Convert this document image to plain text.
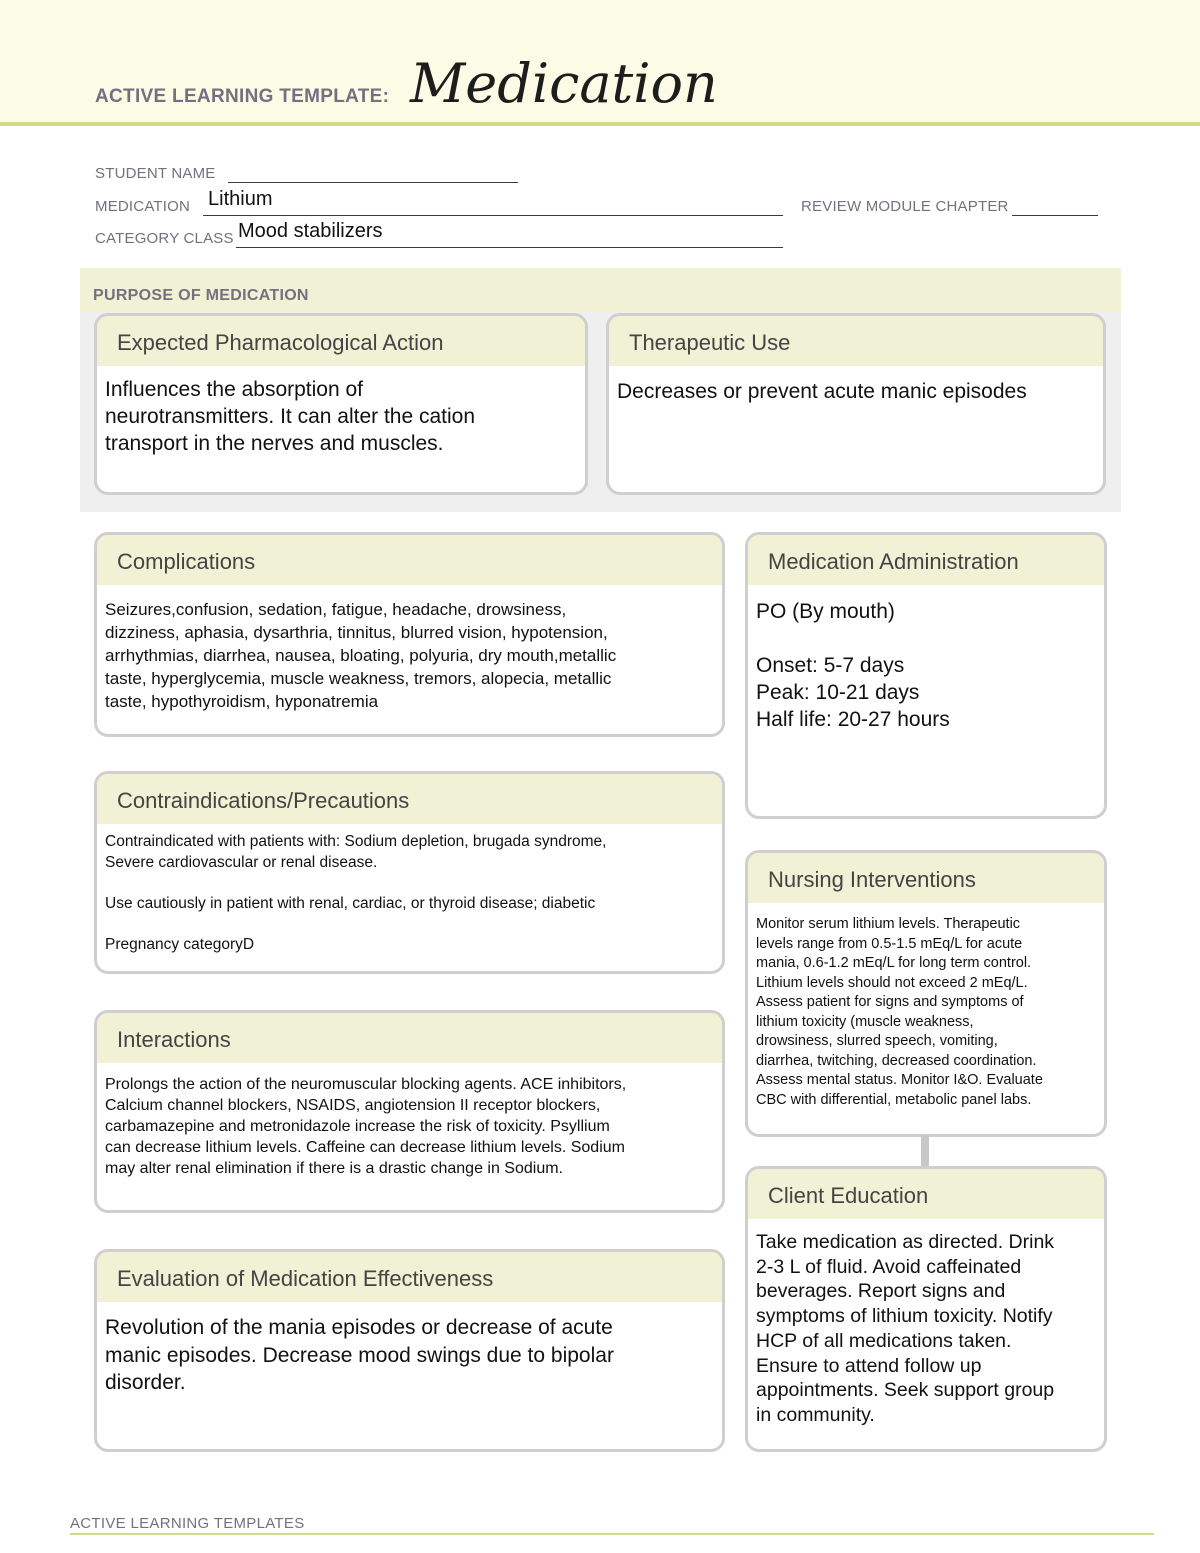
ACTIVE LEARNING TEMPLATE: Medication
STUDENT NAME
MEDICATION Lithium	REVIEW MODULE CHAPTER
CATEGORY CLASS Mood stabilizers
PURPOSE OF MEDICATION
Expected Pharmacological Action
Influences the absorption of
neurotransmitters. It can alter the cation
transport in the nerves and muscles.
Therapeutic Use
Decreases or prevent acute manic episodes
Complications
Seizures,confusion, sedation, fatigue, headache, drowsiness,
dizziness, aphasia, dysarthria, tinnitus, blurred vision, hypotension,
arrhythmias, diarrhea, nausea, bloating, polyuria, dry mouth,metallic
taste, hyperglycemia, muscle weakness, tremors, alopecia, metallic
taste, hypothyroidism, hyponatremia
Medication Administration
PO (By mouth)

Onset: 5-7 days
Peak: 10-21 days
Half life: 20-27 hours
Contraindications/Precautions
Contraindicated with patients with: Sodium depletion, brugada syndrome,
Severe cardiovascular or renal disease.

Use cautiously in patient with renal, cardiac, or thyroid disease; diabetic

Pregnancy categoryD
Nursing Interventions
Monitor serum lithium levels. Therapeutic
levels range from 0.5-1.5 mEq/L for acute
mania, 0.6-1.2 mEq/L for long term control.
Lithium levels should not exceed 2 mEq/L.
Assess patient for signs and symptoms of
lithium toxicity (muscle weakness,
drowsiness, slurred speech, vomiting,
diarrhea, twitching, decreased coordination.
Assess mental status. Monitor I&O. Evaluate
CBC with differential, metabolic panel labs.
Interactions
Prolongs the action of the neuromuscular blocking agents. ACE inhibitors,
Calcium channel blockers, NSAIDS, angiotension II receptor blockers,
carbamazepine and metronidazole increase the risk of toxicity. Psyllium
can decrease lithium levels. Caffeine can decrease lithium levels. Sodium
may alter renal elimination if there is a drastic change in Sodium.
Client Education
Take medication as directed. Drink
2-3 L of fluid. Avoid caffeinated
beverages. Report signs and
symptoms of lithium toxicity. Notify
HCP of all medications taken.
Ensure to attend follow up
appointments. Seek support group
in community.
Evaluation of Medication Effectiveness
Revolution of the mania episodes or decrease of acute
manic episodes. Decrease mood swings due to bipolar
disorder.
ACTIVE LEARNING TEMPLATES
